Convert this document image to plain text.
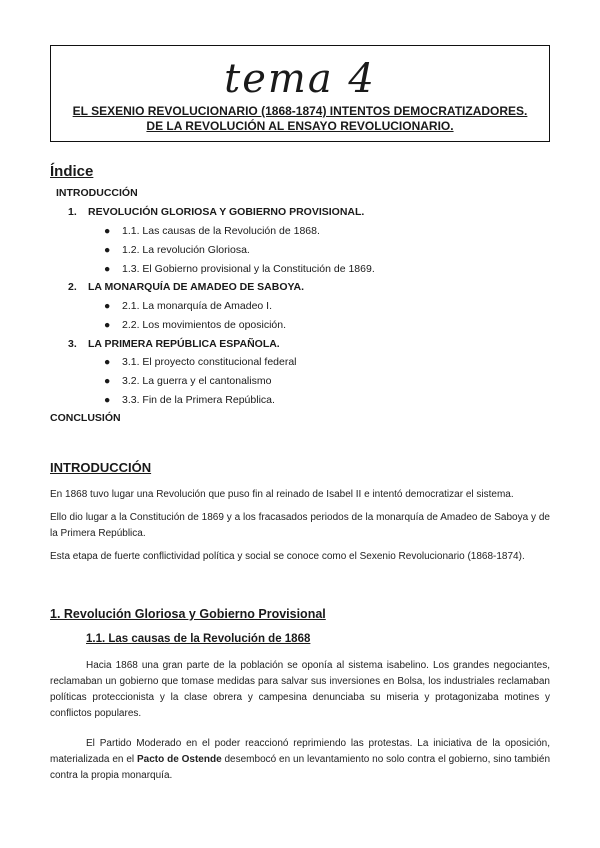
tema 4
EL SEXENIO REVOLUCIONARIO (1868-1874) INTENTOS DEMOCRATIZADORES.
DE LA REVOLUCIÓN AL ENSAYO REVOLUCIONARIO.
Índice
INTRODUCCIÓN
1. REVOLUCIÓN GLORIOSA Y GOBIERNO PROVISIONAL.
● 1.1. Las causas de la Revolución de 1868.
● 1.2. La revolución Gloriosa.
● 1.3. El Gobierno provisional y la Constitución de 1869.
2. LA MONARQUÍA DE AMADEO DE SABOYA.
● 2.1. La monarquía de Amadeo I.
● 2.2. Los movimientos de oposición.
3. LA PRIMERA REPÚBLICA ESPAÑOLA.
● 3.1. El proyecto constitucional federal
● 3.2. La guerra y el cantonalismo
● 3.3. Fin de la Primera República.
CONCLUSIÓN
INTRODUCCIÓN
En 1868 tuvo lugar una Revolución que puso fin al reinado de Isabel II e intentó democratizar el sistema.
Ello dio lugar a la Constitución de 1869 y a los fracasados periodos de la monarquía de Amadeo de Saboya y de la Primera República.
Esta etapa de fuerte conflictividad política y social se conoce como el Sexenio Revolucionario (1868-1874).
1. Revolución Gloriosa y Gobierno Provisional
1.1. Las causas de la Revolución de 1868
Hacia 1868 una gran parte de la población se oponía al sistema isabelino. Los grandes negociantes, reclamaban un gobierno que tomase medidas para salvar sus inversiones en Bolsa, los industriales reclamaban políticas proteccionista y la clase obrera y campesina denunciaba su miseria y protagonizaba motines y conflictos populares.
El Partido Moderado en el poder reaccionó reprimiendo las protestas. La iniciativa de la oposición, materializada en el Pacto de Ostende desembocó en un levantamiento no solo contra el gobierno, sino también contra la propia monarquía.
